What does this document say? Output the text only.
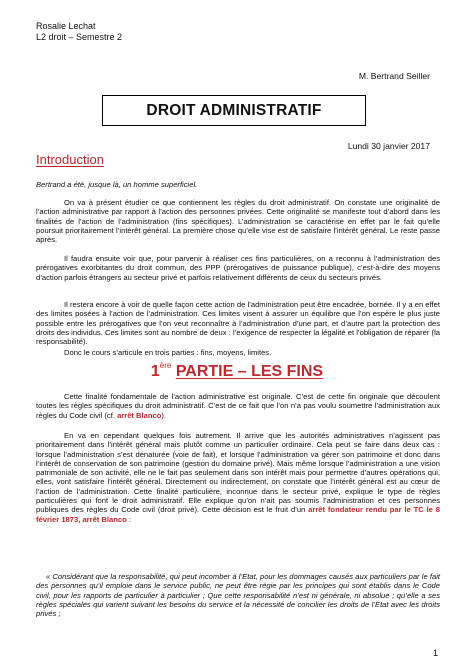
Rosalie Lechat
L2 droit – Semestre 2
M. Bertrand Seiller
DROIT ADMINISTRATIF
Lundi 30 janvier 2017
Introduction

Bertrand a été, jusque là, un homme superficiel.

On va à présent étudier ce que contiennent les règles du droit administratif. On constate une originalité de l’action administrative par rapport à l’action des personnes privées. Cette originalité se manifeste tout d’abord dans les finalités de l’action de l’administration (fins spécifiques). L’administration se caractérise en effet par le fait qu’elle poursuit prioritairement l’intérêt général. La première chose qu’elle vise est de satisfaire l’intérêt général. Le reste passe après.

Il faudra ensuite voir que, pour parvenir à réaliser ces fins particulières, on a reconnu à l’administration des prérogatives exorbitantes du droit commun, des PPP (prérogatives de puissance publique), c’est-à-dire des moyens d’action parfois étrangers au secteur privé et parfois relativement différents de ceux du secteurs privés.

Il restera encore à voir de quelle façon cette action de l’administration peut être encadrée, bornée. Il y a en effet des limites posées à l’action de l’administration. Ces limites visent à assurer un équilibre que l’on espère le plus juste possible entre les prérogatives que l’on veut reconnaître à l’administration d’une part, et d’autre part la protection des droits des individus. Ces limites sont au nombre de deux : l’exigence de respecter la légalité et l’obligation de réparer (la responsabilité).

Donc le cours s’articule en trois parties : fins, moyens, limites.

1ère PARTIE – LES FINS

Cette finalité fondamentale de l’action administrative est originale. C’est de cette fin originale que découlent toutes les règles spécifiques du droit administratif. C’est de ce fait que l’on n’a pas voulu soumettre l’administration aux règles du Code civil (cf. arrêt Blanco).

En va en cependant quelques fois autrement. Il arrive que les autorités administratives n’agissent pas prioritairement dans l’intérêt général mais plutôt comme un particulier ordinaire. Cela peut se faire dans deux cas : lorsque l’administration s’est dénaturée (voie de fait), et lorsque l’administration va gérer son patrimoine et donc dans l’intérêt de conservation de son patrimoine (gestion du domaine privé). Mais même lorsque l’administration a une vision patrimoniale de son activité, elle ne le fait pas seulement dans son intérêt mais pour permettre d’autres opérations qui, elles, vont satisfaire l’intérêt général. Directement ou indirectement, on constate que l’intérêt général est au cœur de l’action de l’administration. Cette finalité particulière, inconnue dans le secteur privé, explique le type de règles particulières qui font le droit administratif. Elle explique qu’on n’ait pas soumis l’administration et ces personnes publiques des règles du Code civil (droit privé). Cette décision est le fruit d’un arrêt fondateur rendu par le TC le 8 février 1873, arrêt Blanco :

« Considérant que la responsabilité, qui peut incomber à l’Etat, pour les dommages causés aux particuliers par le fait des personnes qu’il emploie dans le service public, ne peut être régie par les principes qui sont établis dans le Code civil, pour les rapports de particulier à particulier ; Que cette responsabilité n’est ni générale, ni absolue ; qu’elle a ses règles spéciales qui varient suivant les besoins du service et la nécessité de concilier les droits de l’Etat avec les droits privés ;

1
